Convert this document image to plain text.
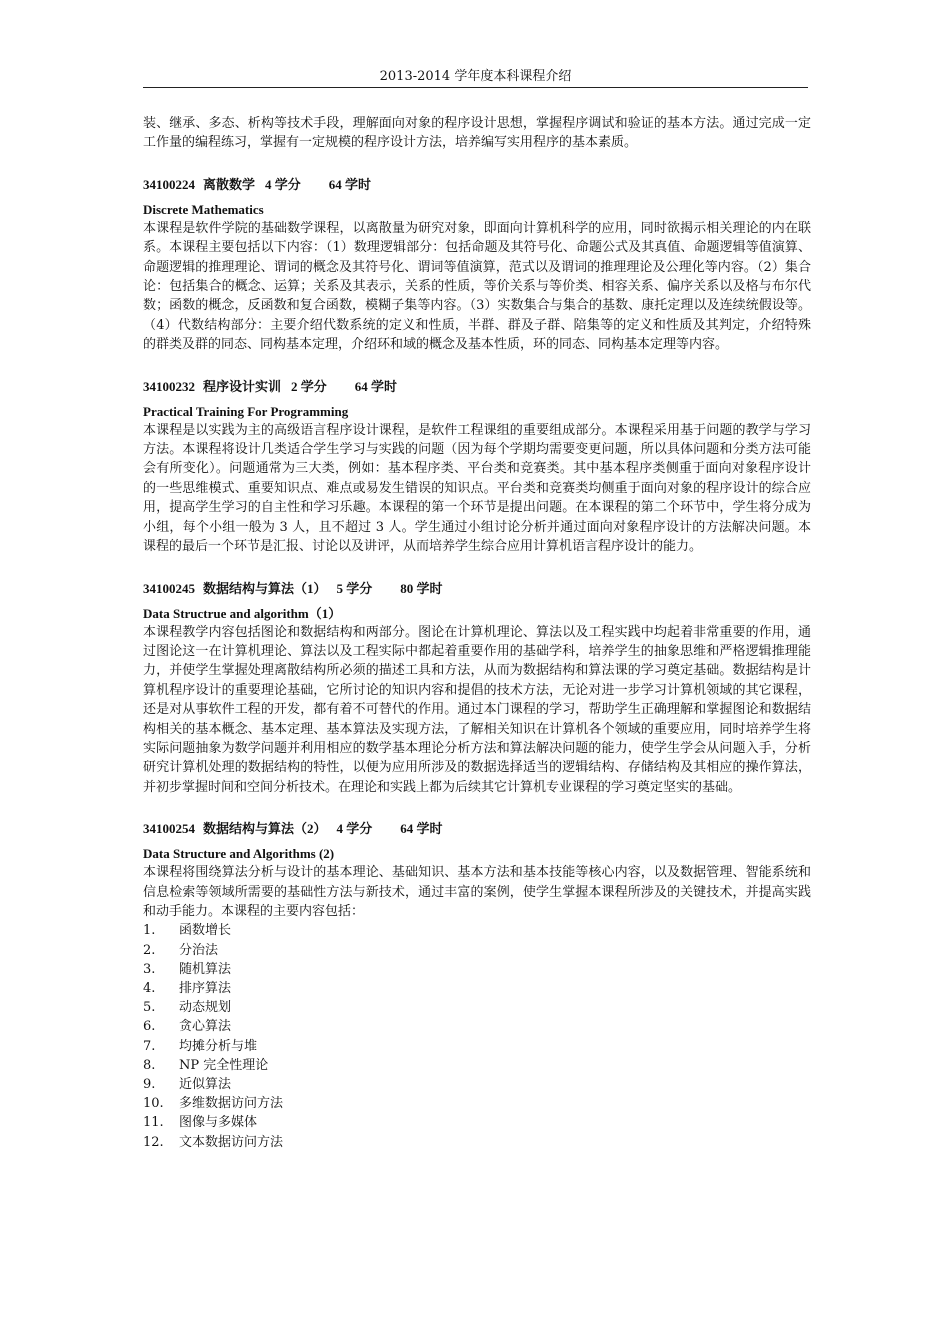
2013-2014 学年度本科课程介绍

装、继承、多态、析构等技术手段，理解面向对象的程序设计思想，掌握程序调试和验证的基本方法。通过完成一定工作量的编程练习，掌握有一定规模的程序设计方法，培养编写实用程序的基本素质。

34100224 离散数学 4 学分 64 学时

Discrete Mathematics

本课程是软件学院的基础数学课程，以离散量为研究对象，即面向计算机科学的应用，同时欲揭示相关理论的内在联系。本课程主要包括以下内容：（1）数理逻辑部分：包括命题及其符号化、命题公式及其真值、命题逻辑等值演算、命题逻辑的推理理论、谓词的概念及其符号化、谓词等值演算，范式以及谓词的推理理论及公理化等内容。（2）集合论：包括集合的概念、运算；关系及其表示，关系的性质，等价关系与等价类、相容关系、偏序关系以及格与布尔代数；函数的概念，反函数和复合函数，模糊子集等内容。（3）实数集合与集合的基数、康托定理以及连续统假设等。（4）代数结构部分：主要介绍代数系统的定义和性质，半群、群及子群、陪集等的定义和性质及其判定，介绍特殊的群类及群的同态、同构基本定理，介绍环和域的概念及基本性质，环的同态、同构基本定理等内容。

34100232 程序设计实训 2 学分 64 学时

Practical Training For Programming

本课程是以实践为主的高级语言程序设计课程，是软件工程课组的重要组成部分。本课程采用基于问题的教学与学习方法。本课程将设计几类适合学生学习与实践的问题（因为每个学期均需要变更问题，所以具体问题和分类方法可能会有所变化）。问题通常为三大类，例如：基本程序类、平台类和竞赛类。其中基本程序类侧重于面向对象程序设计的一些思维模式、重要知识点、难点或易发生错误的知识点。平台类和竞赛类均侧重于面向对象的程序设计的综合应用，提高学生学习的自主性和学习乐趣。本课程的第一个环节是提出问题。在本课程的第二个环节中，学生将分成为小组，每个小组一般为 3 人，且不超过 3 人。学生通过小组讨论分析并通过面向对象程序设计的方法解决问题。本课程的最后一个环节是汇报、讨论以及讲评，从而培养学生综合应用计算机语言程序设计的能力。

34100245 数据结构与算法（1） 5 学分 80 学时

Data Structrue and algorithm（1）

本课程教学内容包括图论和数据结构和两部分。图论在计算机理论、算法以及工程实践中均起着非常重要的作用，通过图论这一在计算机理论、算法以及工程实际中都起着重要作用的基础学科，培养学生的抽象思维和严格逻辑推理能力，并使学生掌握处理离散结构所必须的描述工具和方法，从而为数据结构和算法课的学习奠定基础。数据结构是计算机程序设计的重要理论基础，它所讨论的知识内容和提倡的技术方法，无论对进一步学习计算机领域的其它课程，还是对从事软件工程的开发，都有着不可替代的作用。通过本门课程的学习，帮助学生正确理解和掌握图论和数据结构相关的基本概念、基本定理、基本算法及实现方法，了解相关知识在计算机各个领域的重要应用，同时培养学生将实际问题抽象为数学问题并利用相应的数学基本理论分析方法和算法解决问题的能力，使学生学会从问题入手，分析研究计算机处理的数据结构的特性，以便为应用所涉及的数据选择适当的逻辑结构、存储结构及其相应的操作算法，并初步掌握时间和空间分析技术。在理论和实践上都为后续其它计算机专业课程的学习奠定坚实的基础。

34100254 数据结构与算法（2） 4 学分 64 学时

Data Structure and Algorithms (2)

本课程将围绕算法分析与设计的基本理论、基础知识、基本方法和基本技能等核心内容，以及数据管理、智能系统和信息检索等领域所需要的基础性方法与新技术，通过丰富的案例，使学生掌握本课程所涉及的关键技术，并提高实践和动手能力。本课程的主要内容包括：

1.	函数增长
2.	分治法
3.	随机算法
4.	排序算法
5.	动态规划
6.	贪心算法
7.	均摊分析与堆
8.	NP 完全性理论
9.	近似算法
10.	多维数据访问方法
11.	图像与多媒体
12.	文本数据访问方法
